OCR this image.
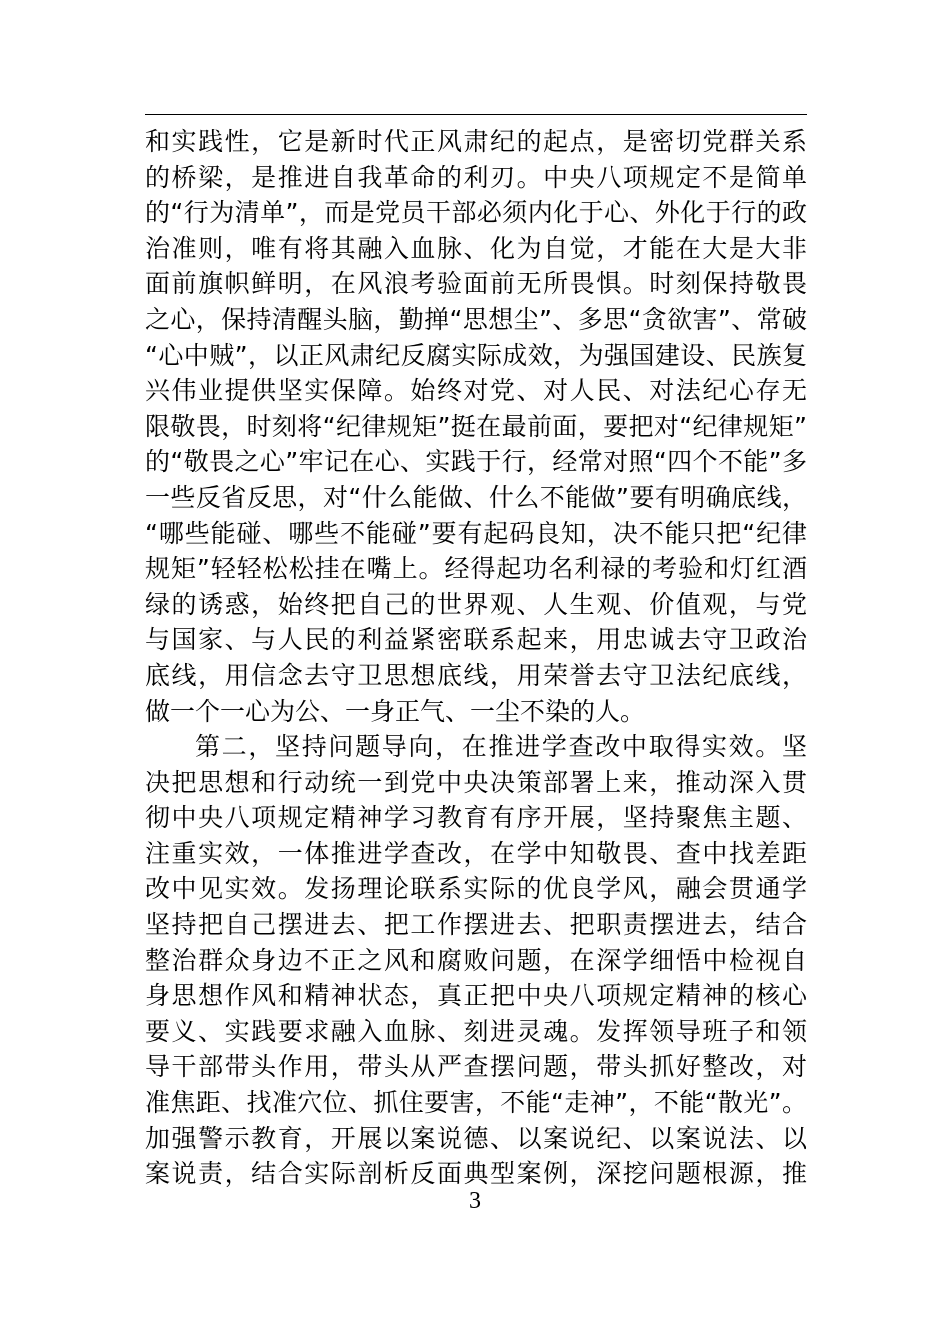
和实践性，它是新时代正风肃纪的起点，是密切党群关系
的桥梁，是推进自我革命的利刃。中央八项规定不是简单
的“行为清单”，而是党员干部必须内化于心、外化于行的政
治准则，唯有将其融入血脉、化为自觉，才能在大是大非
面前旗帜鲜明，在风浪考验面前无所畏惧。时刻保持敬畏
之心，保持清醒头脑，勤掸“思想尘”、多思“贪欲害”、常破
“心中贼”，以正风肃纪反腐实际成效，为强国建设、民族复
兴伟业提供坚实保障。始终对党、对人民、对法纪心存无
限敬畏，时刻将“纪律规矩”挺在最前面，要把对“纪律规矩”
的“敬畏之心”牢记在心、实践于行，经常对照“四个不能”多
一些反省反思，对“什么能做、什么不能做”要有明确底线，
“哪些能碰、哪些不能碰”要有起码良知，决不能只把“纪律
规矩”轻轻松松挂在嘴上。经得起功名利禄的考验和灯红酒
绿的诱惑，始终把自己的世界观、人生观、价值观，与党
与国家、与人民的利益紧密联系起来，用忠诚去守卫政治
底线，用信念去守卫思想底线，用荣誉去守卫法纪底线，
做一个一心为公、一身正气、一尘不染的人。
第二，坚持问题导向，在推进学查改中取得实效。坚
决把思想和行动统一到党中央决策部署上来，推动深入贯
彻中央八项规定精神学习教育有序开展，坚持聚焦主题、
注重实效，一体推进学查改，在学中知敬畏、查中找差距
改中见实效。发扬理论联系实际的优良学风，融会贯通学
坚持把自己摆进去、把工作摆进去、把职责摆进去，结合
整治群众身边不正之风和腐败问题，在深学细悟中检视自
身思想作风和精神状态，真正把中央八项规定精神的核心
要义、实践要求融入血脉、刻进灵魂。发挥领导班子和领
导干部带头作用，带头从严查摆问题，带头抓好整改，对
准焦距、找准穴位、抓住要害，不能“走神”，不能“散光”。
加强警示教育，开展以案说德、以案说纪、以案说法、以
案说责，结合实际剖析反面典型案例，深挖问题根源，推
3
